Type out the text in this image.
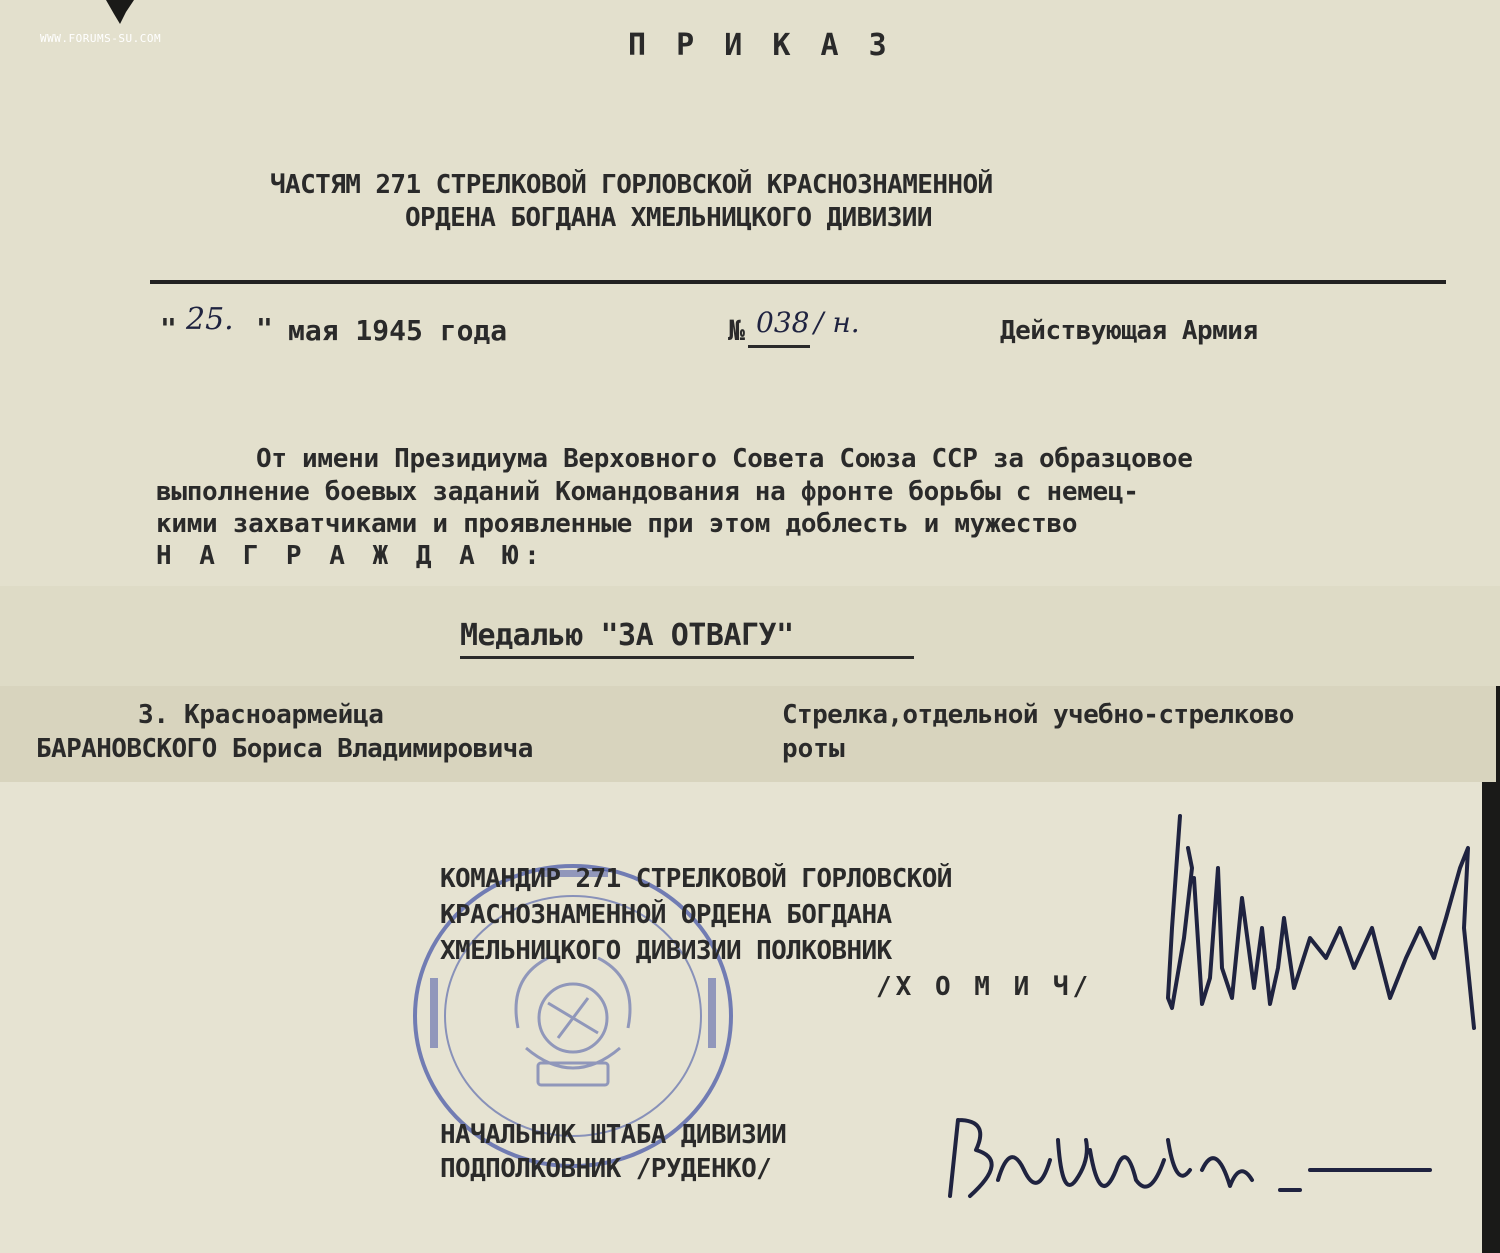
WWW.FORUMS-SU.COM	П Р И К А З
ЧАСТЯМ 271 СТРЕЛКОВОЙ ГОРЛОВСКОЙ КРАСНОЗНАМЕННОЙ
ОРДЕНА БОГДАНА ХМЕЛЬНИЦКОГО ДИВИЗИИ
" 25. " мая 1945 года	№ 038 / н.	Действующая Армия
От имени Президиума Верховного Совета Союза ССР за образцовое
выполнение боевых заданий Командования на фронте борьбы с немец-
кими захватчиками и проявленные при этом доблесть и мужество
Н А Г Р А Ж Д А Ю:
Медалью "ЗА ОТВАГУ"
3. Красноармейца
БАРАНОВСКОГО Бориса Владимировича
Стрелка,отдельной учебно-стрелково
роты
КОМАНДИР 271 СТРЕЛКОВОЙ ГОРЛОВСКОЙ
КРАСНОЗНАМЕННОЙ ОРДЕНА БОГДАНА
ХМЕЛЬНИЦКОГО ДИВИЗИИ ПОЛКОВНИК
/Х О М И Ч/
НАЧАЛЬНИК ШТАБА ДИВИЗИИ
ПОДПОЛКОВНИК /РУДЕНКО/
